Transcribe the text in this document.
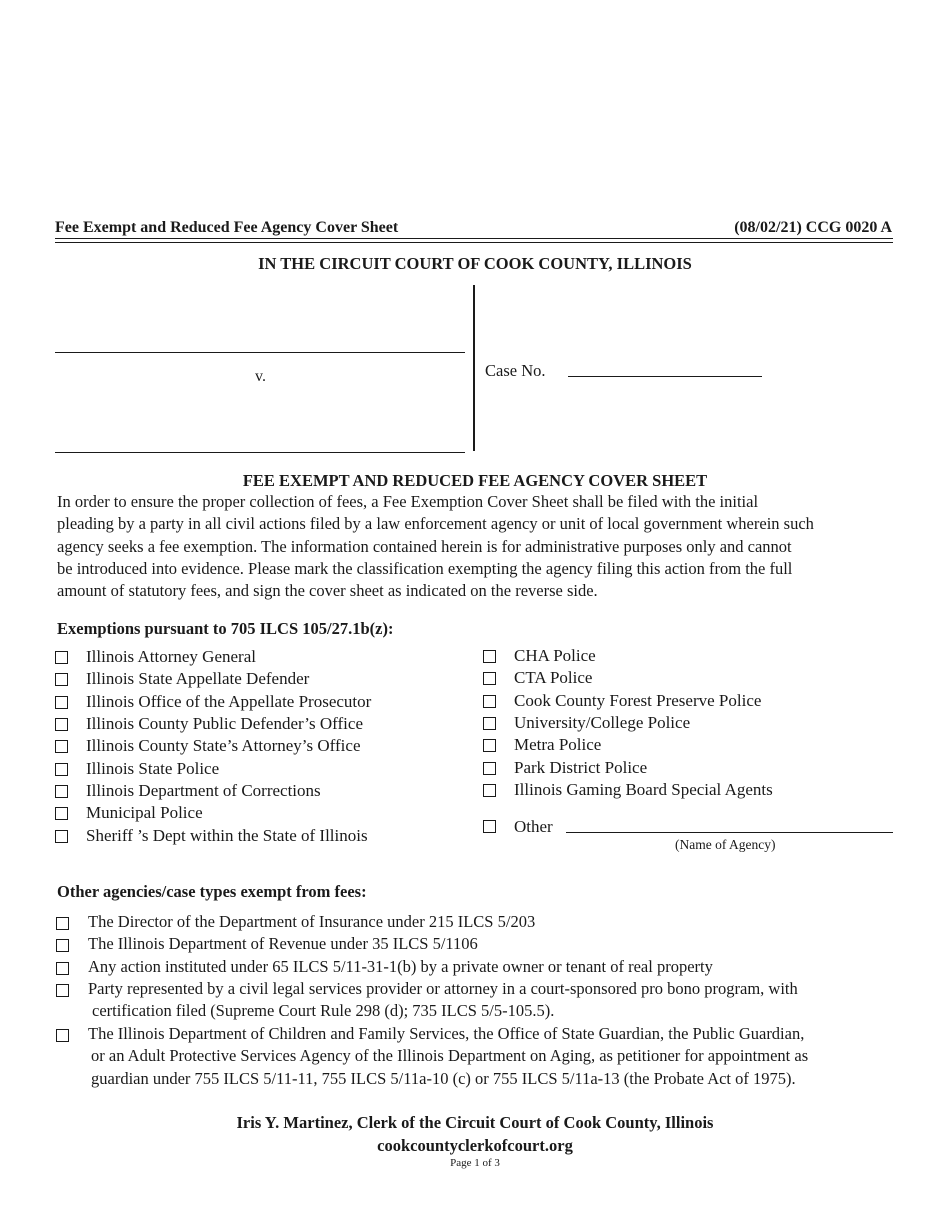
Fee Exempt and Reduced Fee Agency Cover Sheet	(08/02/21) CCG 0020 A
IN THE CIRCUIT COURT OF COOK COUNTY, ILLINOIS
v.	Case No.
FEE EXEMPT AND REDUCED FEE AGENCY COVER SHEET
In order to ensure the proper collection of fees, a Fee Exemption Cover Sheet shall be filed with the initial
pleading by a party in all civil actions filed by a law enforcement agency or unit of local government wherein such
agency seeks a fee exemption. The information contained herein is for administrative purposes only and cannot
be introduced into evidence. Please mark the classification exempting the agency filing this action from the full
amount of statutory fees, and sign the cover sheet as indicated on the reverse side.
Exemptions pursuant to 705 ILCS 105/27.1b(z):
Illinois Attorney General
Illinois State Appellate Defender
Illinois Office of the Appellate Prosecutor
Illinois County Public Defender’s Office
Illinois County State’s Attorney’s Office
Illinois State Police
Illinois Department of Corrections
Municipal Police
Sheriff ’s Dept within the State of Illinois
CHA Police
CTA Police
Cook County Forest Preserve Police
University/College Police
Metra Police
Park District Police
Illinois Gaming Board Special Agents
Other
(Name of Agency)
Other agencies/case types exempt from fees:
The Director of the Department of Insurance under 215 ILCS 5/203
The Illinois Department of Revenue under 35 ILCS 5/1106
Any action instituted under 65 ILCS 5/11-31-1(b) by a private owner or tenant of real property
Party represented by a civil legal services provider or attorney in a court-sponsored pro bono program, with
certification filed (Supreme Court Rule 298 (d); 735 ILCS 5/5-105.5).
The Illinois Department of Children and Family Services, the Office of State Guardian, the Public Guardian,
or an Adult Protective Services Agency of the Illinois Department on Aging, as petitioner for appointment as
guardian under 755 ILCS 5/11-11, 755 ILCS 5/11a-10 (c) or 755 ILCS 5/11a-13 (the Probate Act of 1975).
Iris Y. Martinez, Clerk of the Circuit Court of Cook County, Illinois
cookcountyclerkofcourt.org
Page 1 of 3
